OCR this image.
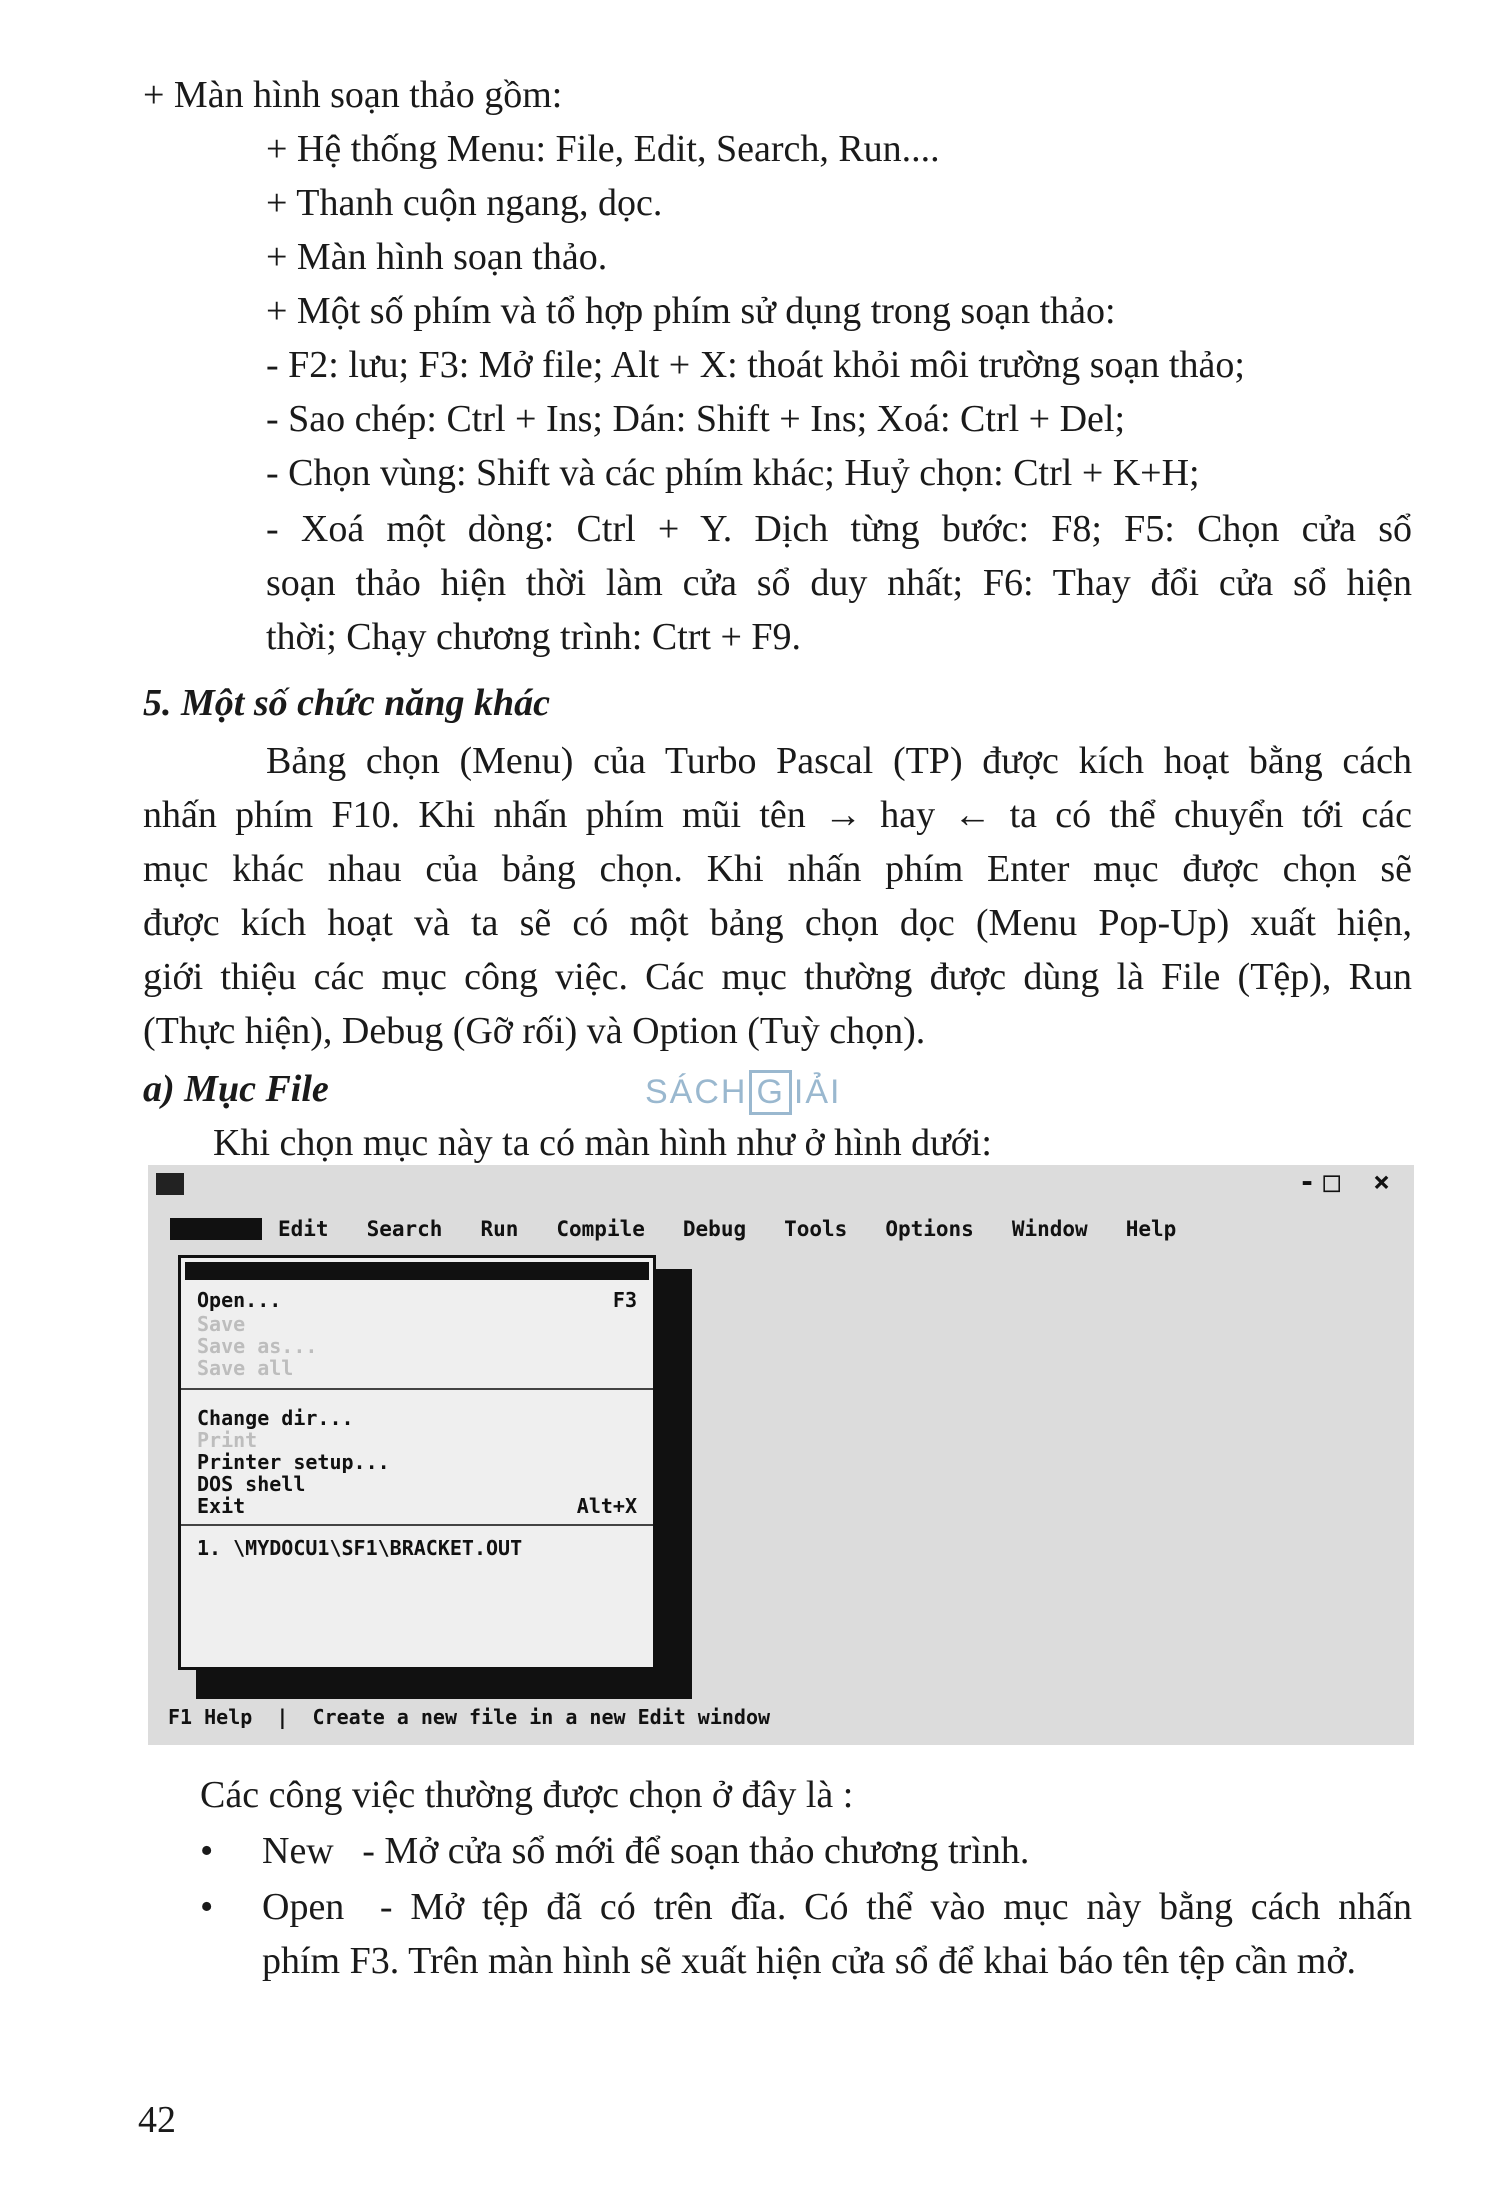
+ Màn hình soạn thảo gồm:
+ Hệ thống Menu: File, Edit, Search, Run....
+ Thanh cuộn ngang, dọc.
+ Màn hình soạn thảo.
+ Một số phím và tổ hợp phím sử dụng trong soạn thảo:
- F2: lưu; F3: Mở file; Alt + X: thoát khỏi môi trường soạn thảo;
- Sao chép: Ctrl + Ins; Dán: Shift + Ins; Xoá: Ctrl + Del;
- Chọn vùng: Shift và các phím khác; Huỷ chọn: Ctrl + K+H;
- Xoá một dòng: Ctrl + Y. Dịch từng bước: F8; F5: Chọn cửa sổ
soạn thảo hiện thời làm cửa sổ duy nhất; F6: Thay đổi cửa sổ hiện
thời; Chạy chương trình: Ctrt + F9.
5. Một số chức năng khác
Bảng chọn (Menu) của Turbo Pascal (TP) được kích hoạt bằng cách
nhấn phím F10. Khi nhấn phím mũi tên → hay ← ta có thể chuyển tới các
mục khác nhau của bảng chọn. Khi nhấn phím Enter mục được chọn sẽ
được kích hoạt và ta sẽ có một bảng chọn dọc (Menu Pop-Up) xuất hiện,
giới thiệu các mục công việc. Các mục thường được dùng là File (Tệp), Run
(Thực hiện), Debug (Gỡ rối) và Option (Tuỳ chọn).
a) Mục File	SÁCH G IẢI
Khi chọn mục này ta có màn hình như ở hình dưới:
-□ ×
Edit Search Run Compile Debug Tools Options Window Help
Open...	F3
Save
Save as...
Save all
Change dir...
Print
Printer setup...
DOS shell
Exit	Alt+X
1. \MYDOCU1\SF1\BRACKET.OUT
F1 Help  |  Create a new file in a new Edit window
Các công việc thường được chọn ở đây là :
• New   - Mở cửa sổ mới để soạn thảo chương trình.
• Open  - Mở tệp đã có trên đĩa. Có thể vào mục này bằng cách nhấn
phím F3. Trên màn hình sẽ xuất hiện cửa sổ để khai báo tên tệp cần mở.
42
